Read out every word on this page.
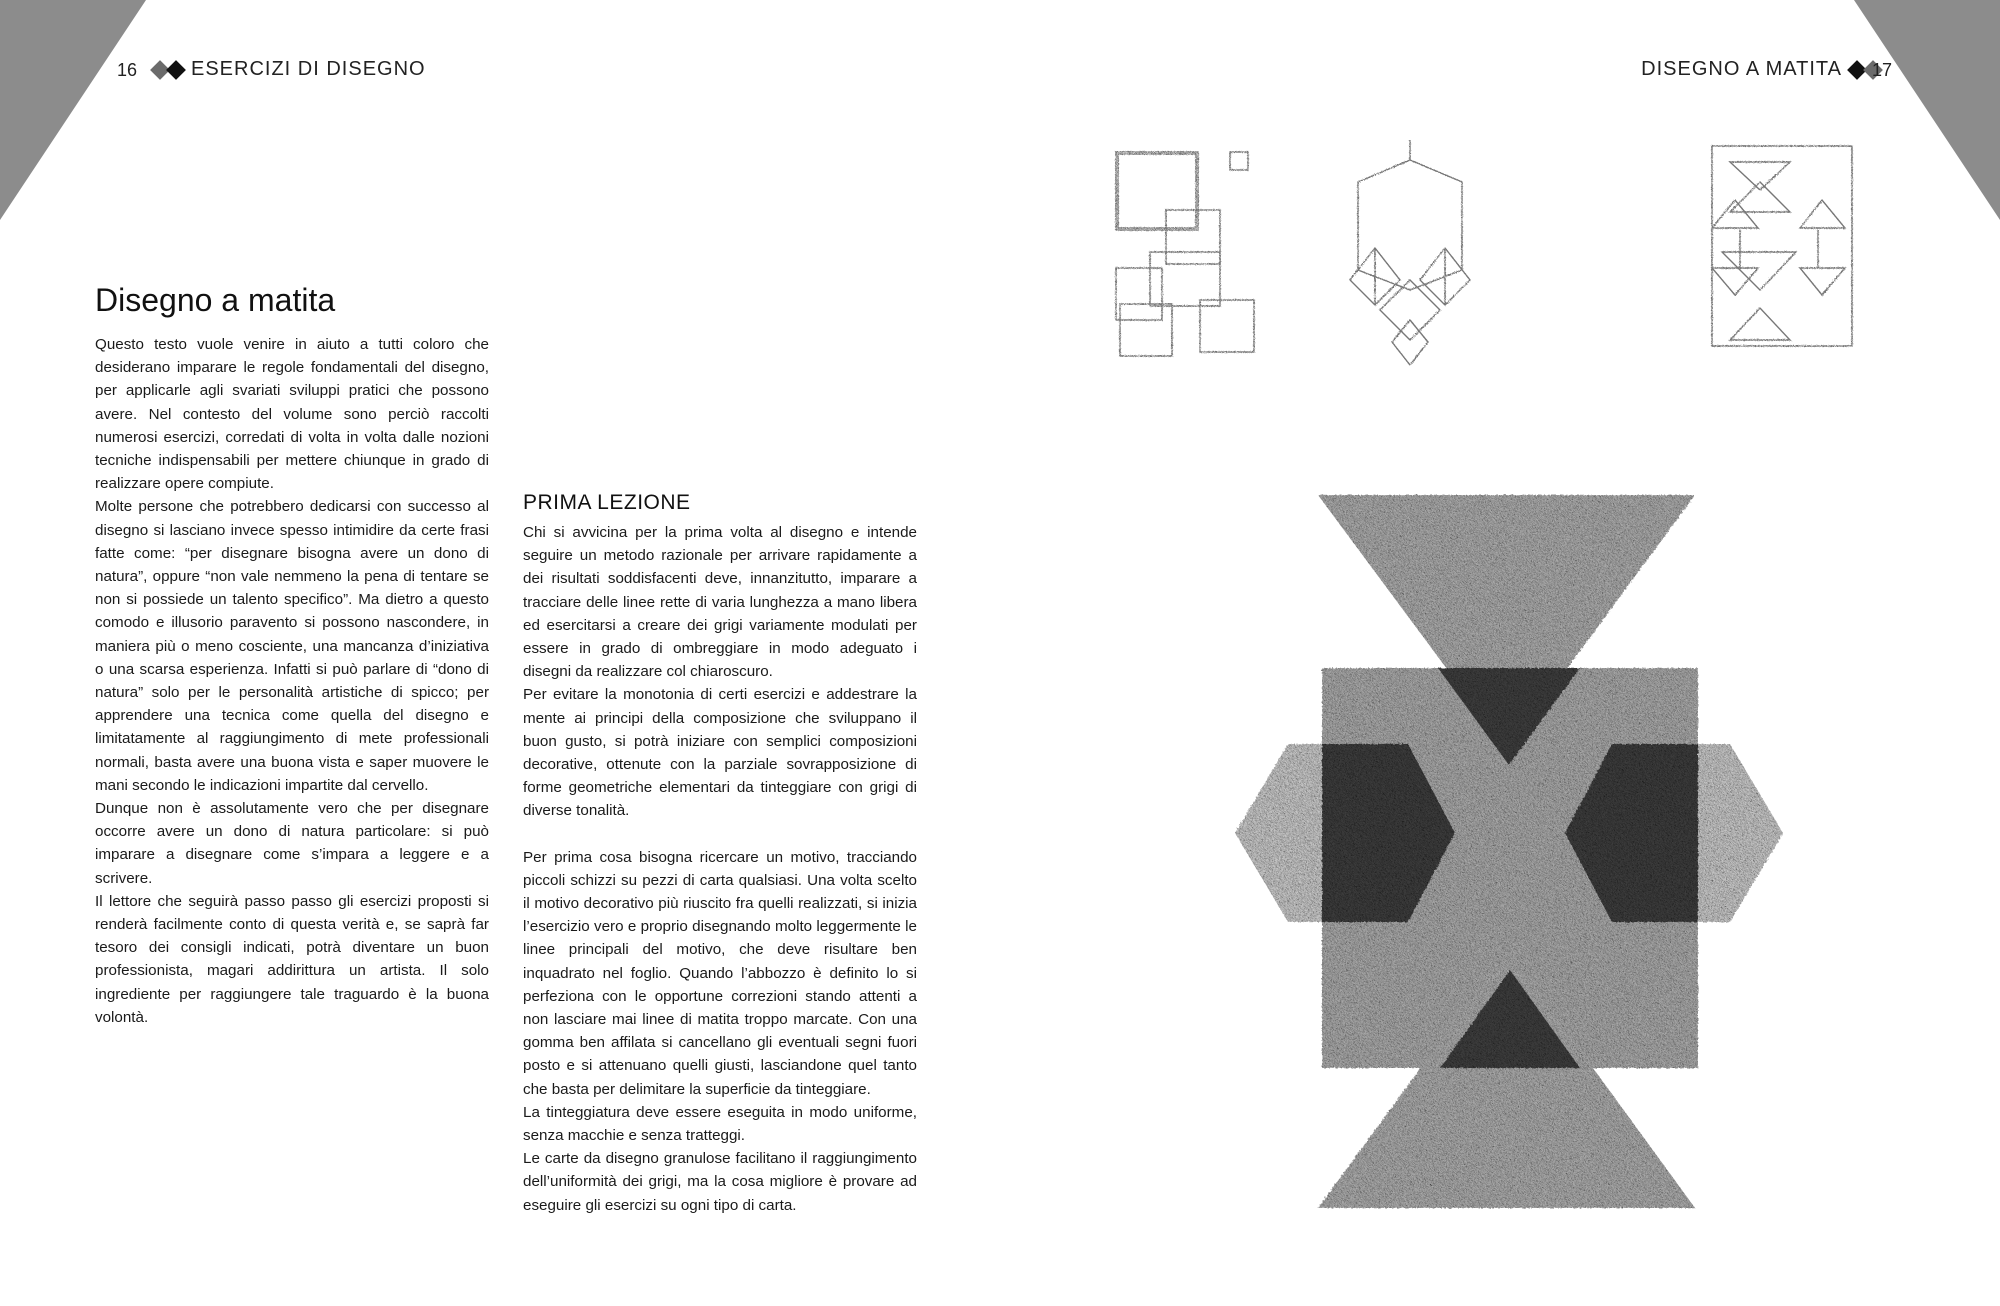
16	ESERCIZI DI DISEGNO	DISEGNO A MATITA 17
Disegno a matita

Questo testo vuole venire in aiuto a tutti coloro che desiderano imparare le regole fondamentali del disegno, per applicarle agli svariati sviluppi pratici che possono avere. Nel contesto del volume sono perciò raccolti numerosi esercizi, corredati di volta in volta dalle nozioni tecniche indispensabili per mettere chiunque in grado di realizzare opere compiute.

Molte persone che potrebbero dedicarsi con successo al disegno si lasciano invece spesso intimidire da certe frasi fatte come: “per disegnare bisogna avere un dono di natura”, oppure “non vale nemmeno la pena di tentare se non si possiede un talento specifico”. Ma dietro a questo comodo e illusorio paravento si possono nascondere, in maniera più o meno cosciente, una mancanza d’iniziativa o una scarsa esperienza. Infatti si può parlare di “dono di natura” solo per le personalità artistiche di spicco; per apprendere una tecnica come quella del disegno e limitatamente al raggiungimento di mete professionali normali, basta avere una buona vista e saper muovere le mani secondo le indicazioni impartite dal cervello.

Dunque non è assolutamente vero che per disegnare occorre avere un dono di natura particolare: si può imparare a disegnare come s’impara a leggere e a scrivere.

Il lettore che seguirà passo passo gli esercizi proposti si renderà facilmente conto di questa verità e, se saprà far tesoro dei consigli indicati, potrà diventare un buon professionista, magari addirittura un artista. Il solo ingrediente per raggiungere tale traguardo è la buona volontà.

PRIMA LEZIONE

Chi si avvicina per la prima volta al disegno e intende seguire un metodo razionale per arrivare rapidamente a dei risultati soddisfacenti deve, innanzitutto, imparare a tracciare delle linee rette di varia lunghezza a mano libera ed esercitarsi a creare dei grigi variamente modulati per essere in grado di ombreggiare in modo adeguato i disegni da realizzare col chiaroscuro.

Per evitare la monotonia di certi esercizi e addestrare la mente ai principi della composizione che sviluppano il buon gusto, si potrà iniziare con semplici composizioni decorative, ottenute con la parziale sovrapposizione di forme geometriche elementari da tinteggiare con grigi di diverse tonalità.

Per prima cosa bisogna ricercare un motivo, tracciando piccoli schizzi su pezzi di carta qualsiasi. Una volta scelto il motivo decorativo più riuscito fra quelli realizzati, si inizia l’esercizio vero e proprio disegnando molto leggermente le linee principali del motivo, che deve risultare ben inquadrato nel foglio. Quando l’abbozzo è definito lo si perfeziona con le opportune correzioni stando attenti a non lasciare mai linee di matita troppo marcate. Con una gomma ben affilata si cancellano gli eventuali segni fuori posto e si attenuano quelli giusti, lasciandone quel tanto che basta per delimitare la superficie da tinteggiare.

La tinteggiatura deve essere eseguita in modo uniforme, senza macchie e senza tratteggi.

Le carte da disegno granulose facilitano il raggiungimento dell’uniformità dei grigi, ma la cosa migliore è provare ad eseguire gli esercizi su ogni tipo di carta.
